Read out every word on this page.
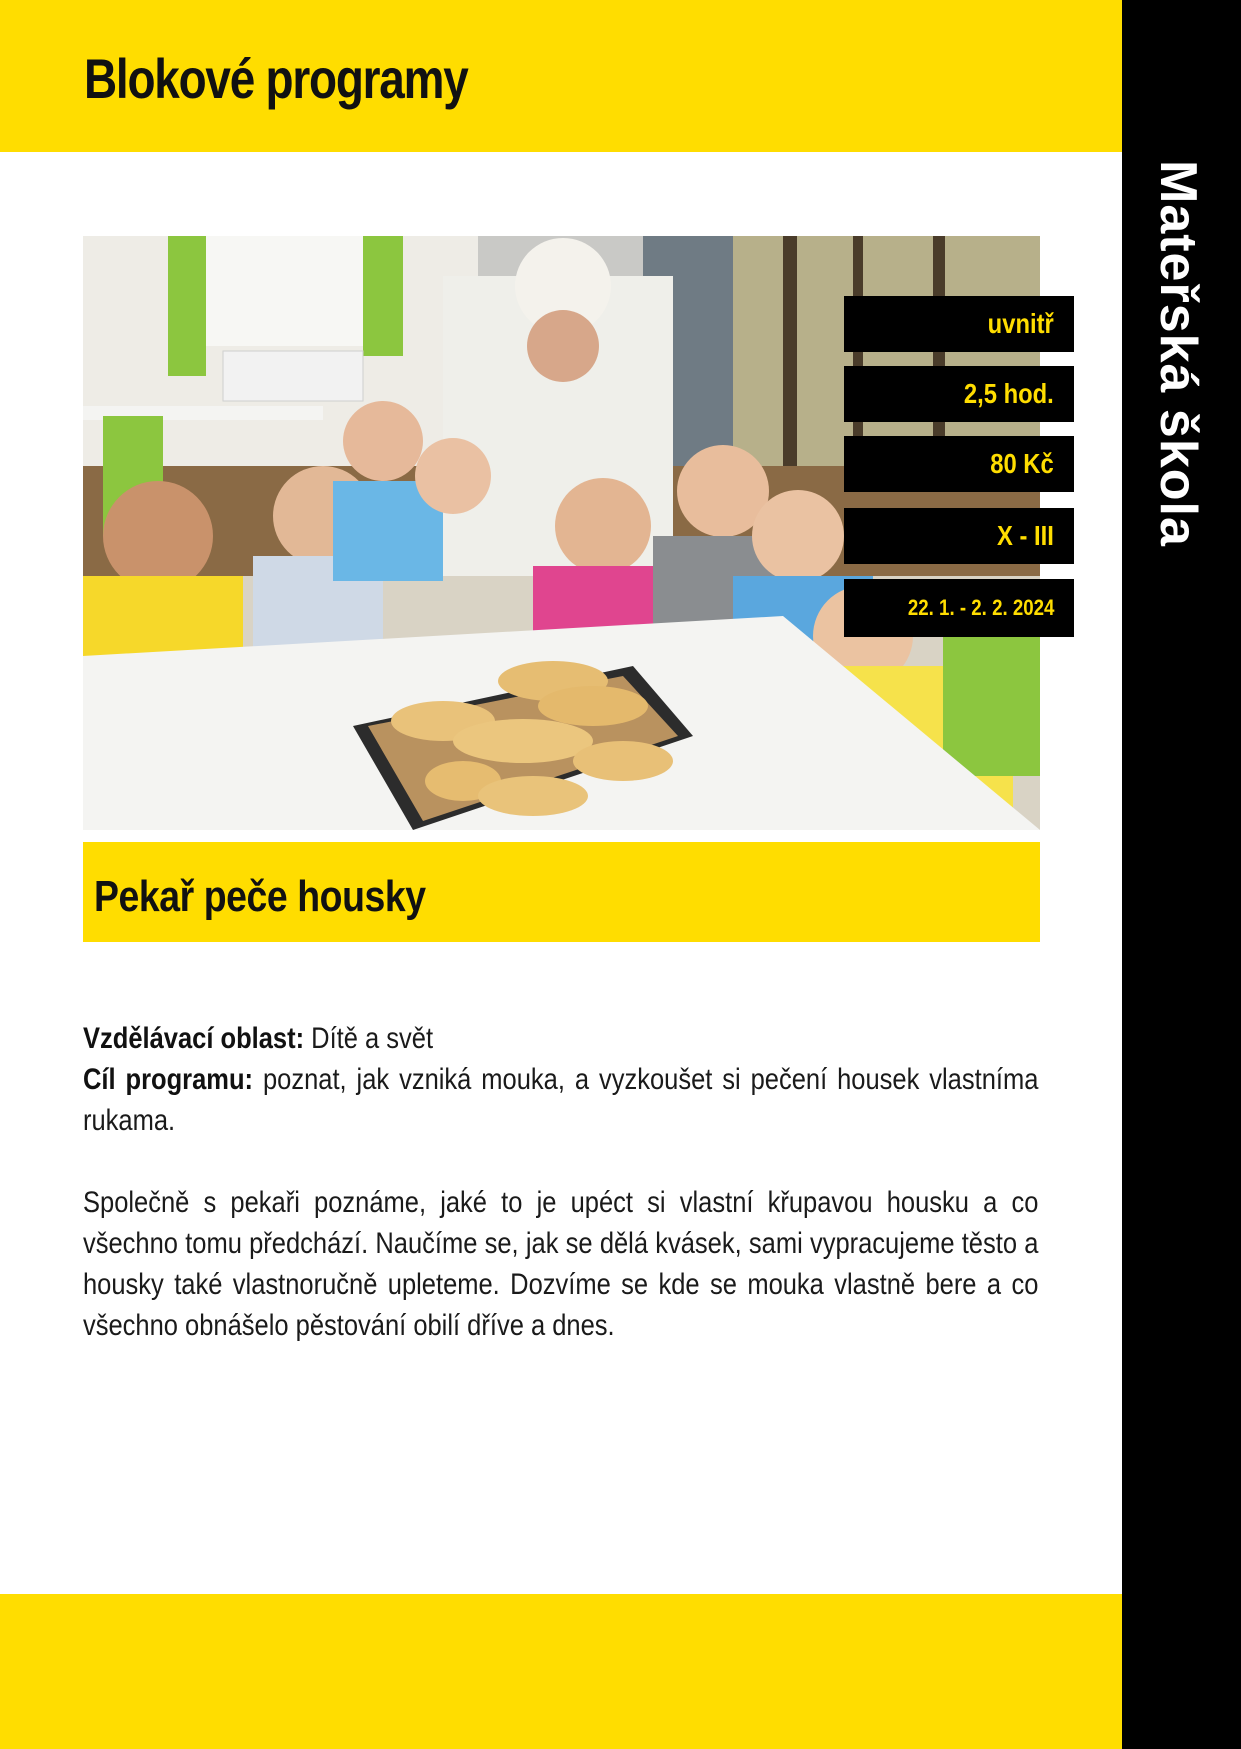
Blokové programy
Mateřská škola
uvnitř
2,5 hod.
80 Kč
X - III
22. 1. - 2. 2. 2024
Pekař peče housky

Vzdělávací oblast: Dítě a svět

Cíl programu: poznat, jak vzniká mouka, a vyzkoušet si pečení housek vlastníma rukama.

Společně s pekaři poznáme, jaké to je upéct si vlastní křupavou housku a co všechno tomu předchází. Naučíme se, jak se dělá kvásek, sami vypracujeme těsto a housky také vlastnoručně upleteme. Dozvíme se kde se mouka vlastně bere a co všechno obnášelo pěstování obilí dříve a dnes.
